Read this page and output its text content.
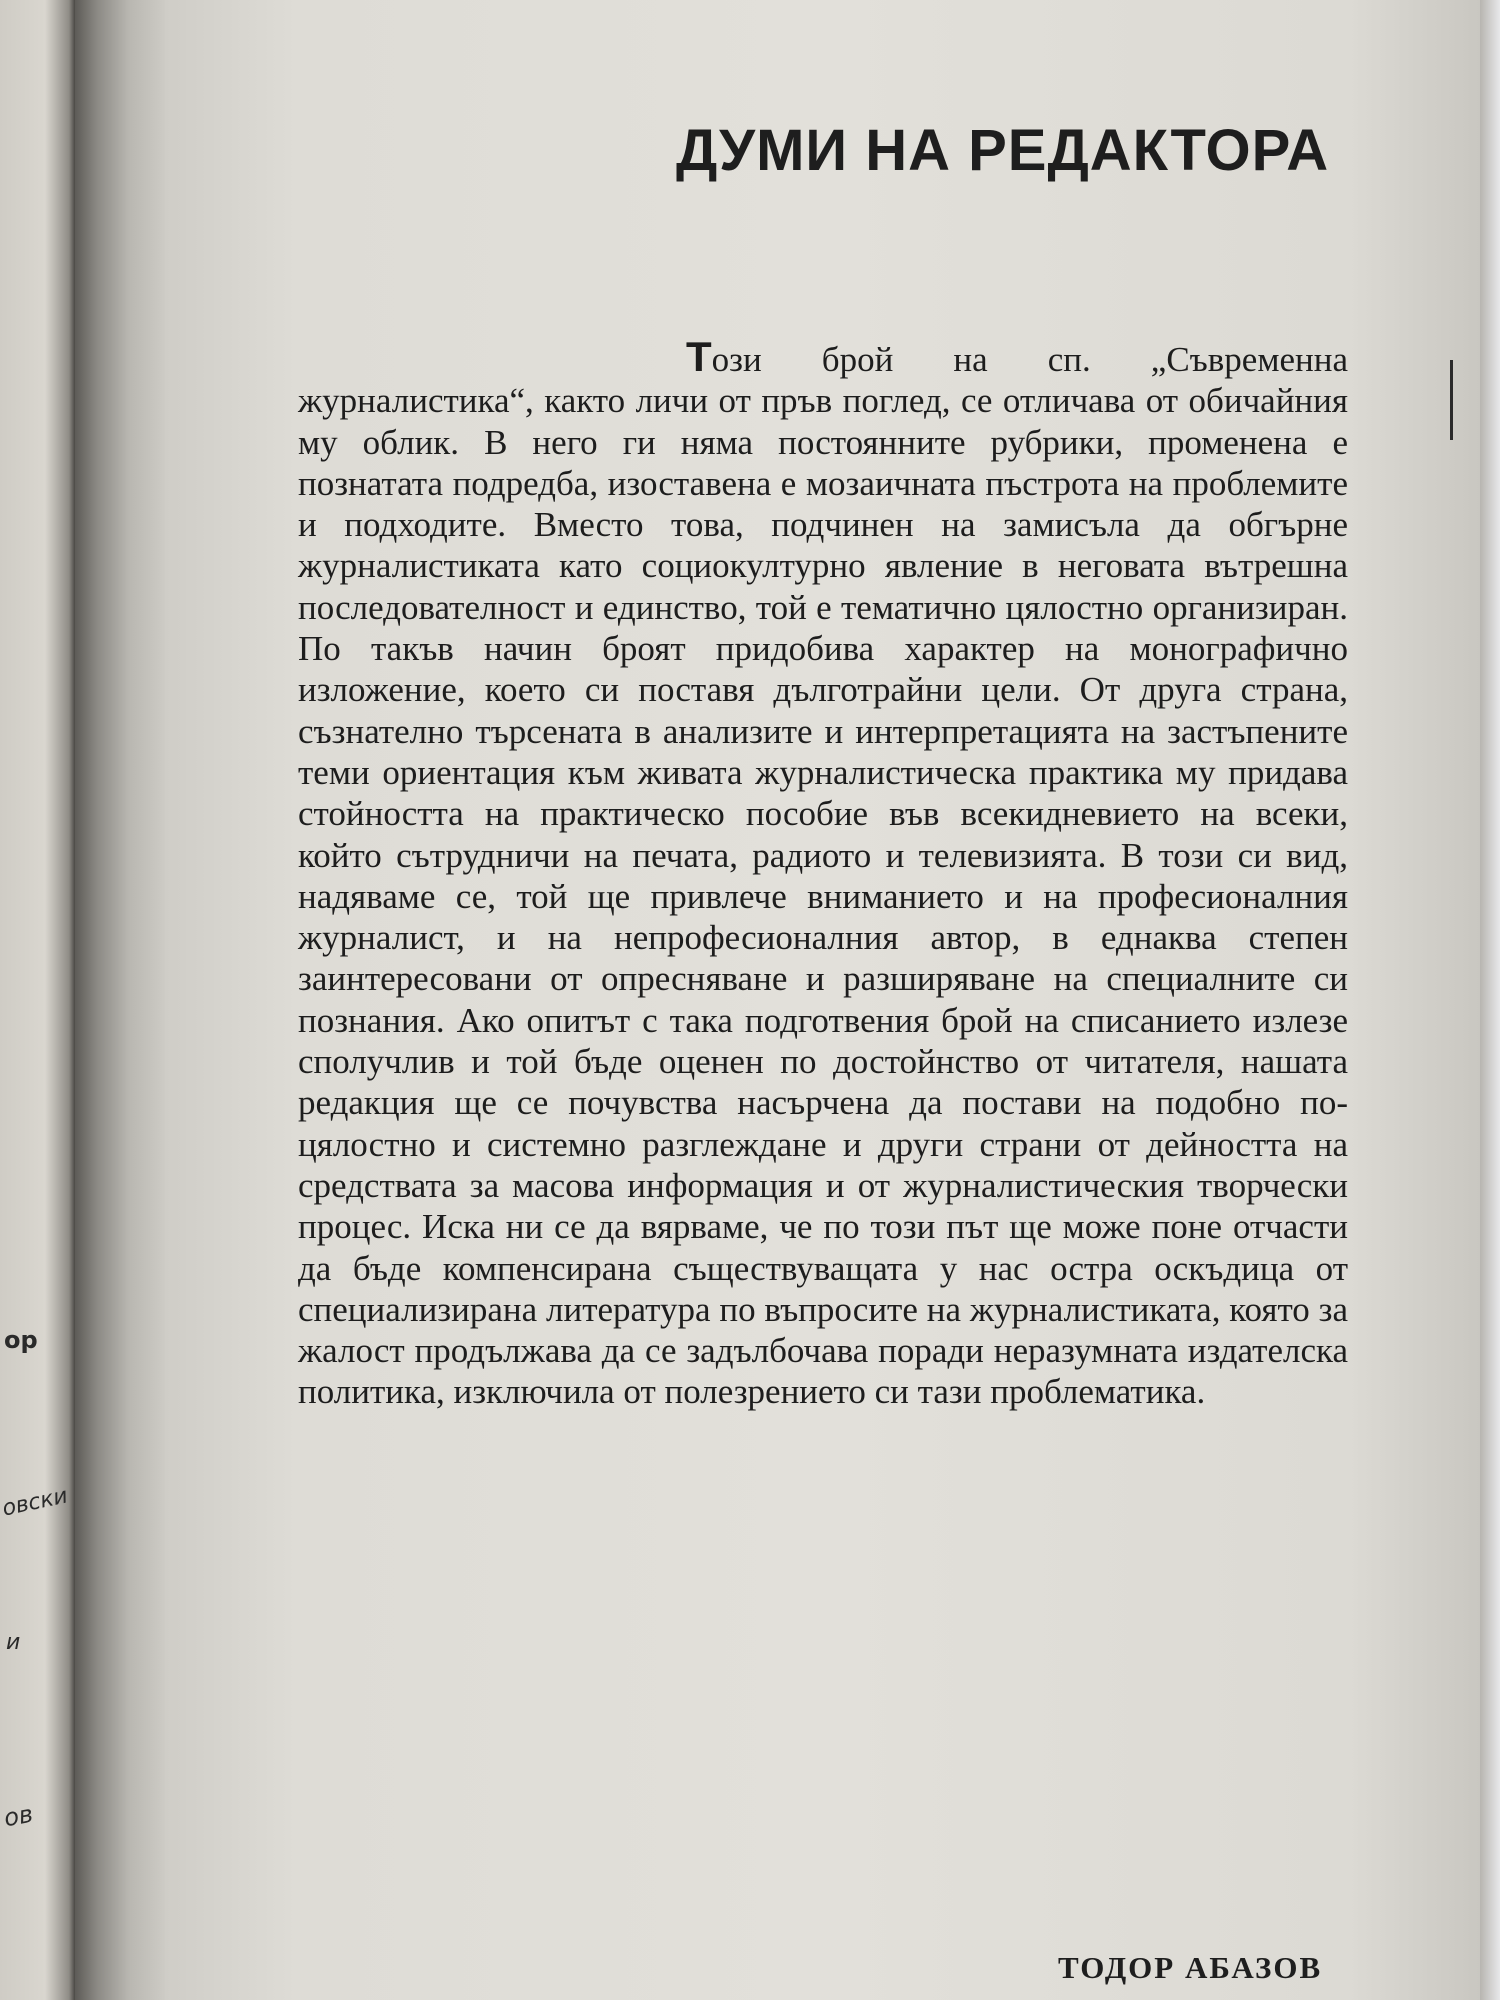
ор
овски
и
ов
ДУМИ НА РЕДАКТОРА
Този брой на сп. „Съвременна журналистика“, както личи от пръв поглед, се отличава от обичайния му облик. В него ги няма постоянните рубрики, променена е познатата подредба, изоставена е мозаичната пъстрота на проблемите и подходите. Вместо това, подчинен на замисъла да обгърне журналистиката като социокултурно явление в неговата вътрешна последователност и единство, той е тематично цялостно организиран. По такъв начин броят придобива характер на монографично изложение, което си поставя дълготрайни цели. От друга страна, съзнателно търсената в анализите и интерпретацията на застъпените теми ориентация към живата журналистическа практика му придава стойността на практическо пособие във всекидневието на всеки, който сътрудничи на печата, радиото и телевизията. В този си вид, надяваме се, той ще привлече вниманието и на професионалния журналист, и на непрофесионалния автор, в еднаква степен заинтересовани от опресняване и разширяване на специалните си познания. Ако опитът с така подготвения брой на списанието излезе сполучлив и той бъде оценен по достойнство от читателя, нашата редакция ще се почувства насърчена да постави на подобно по-цялостно и системно разглеждане и други страни от дейността на средствата за масова информация и от журналистическия творчески процес. Иска ни се да вярваме, че по този път ще може поне отчасти да бъде компенсирана съществуващата у нас остра оскъдица от специализирана литература по въпросите на журналистиката, която за жалост продължава да се задълбочава поради неразумната издателска политика, изключила от полезрението си тази проблематика.
ТОДОР АБАЗОВ
